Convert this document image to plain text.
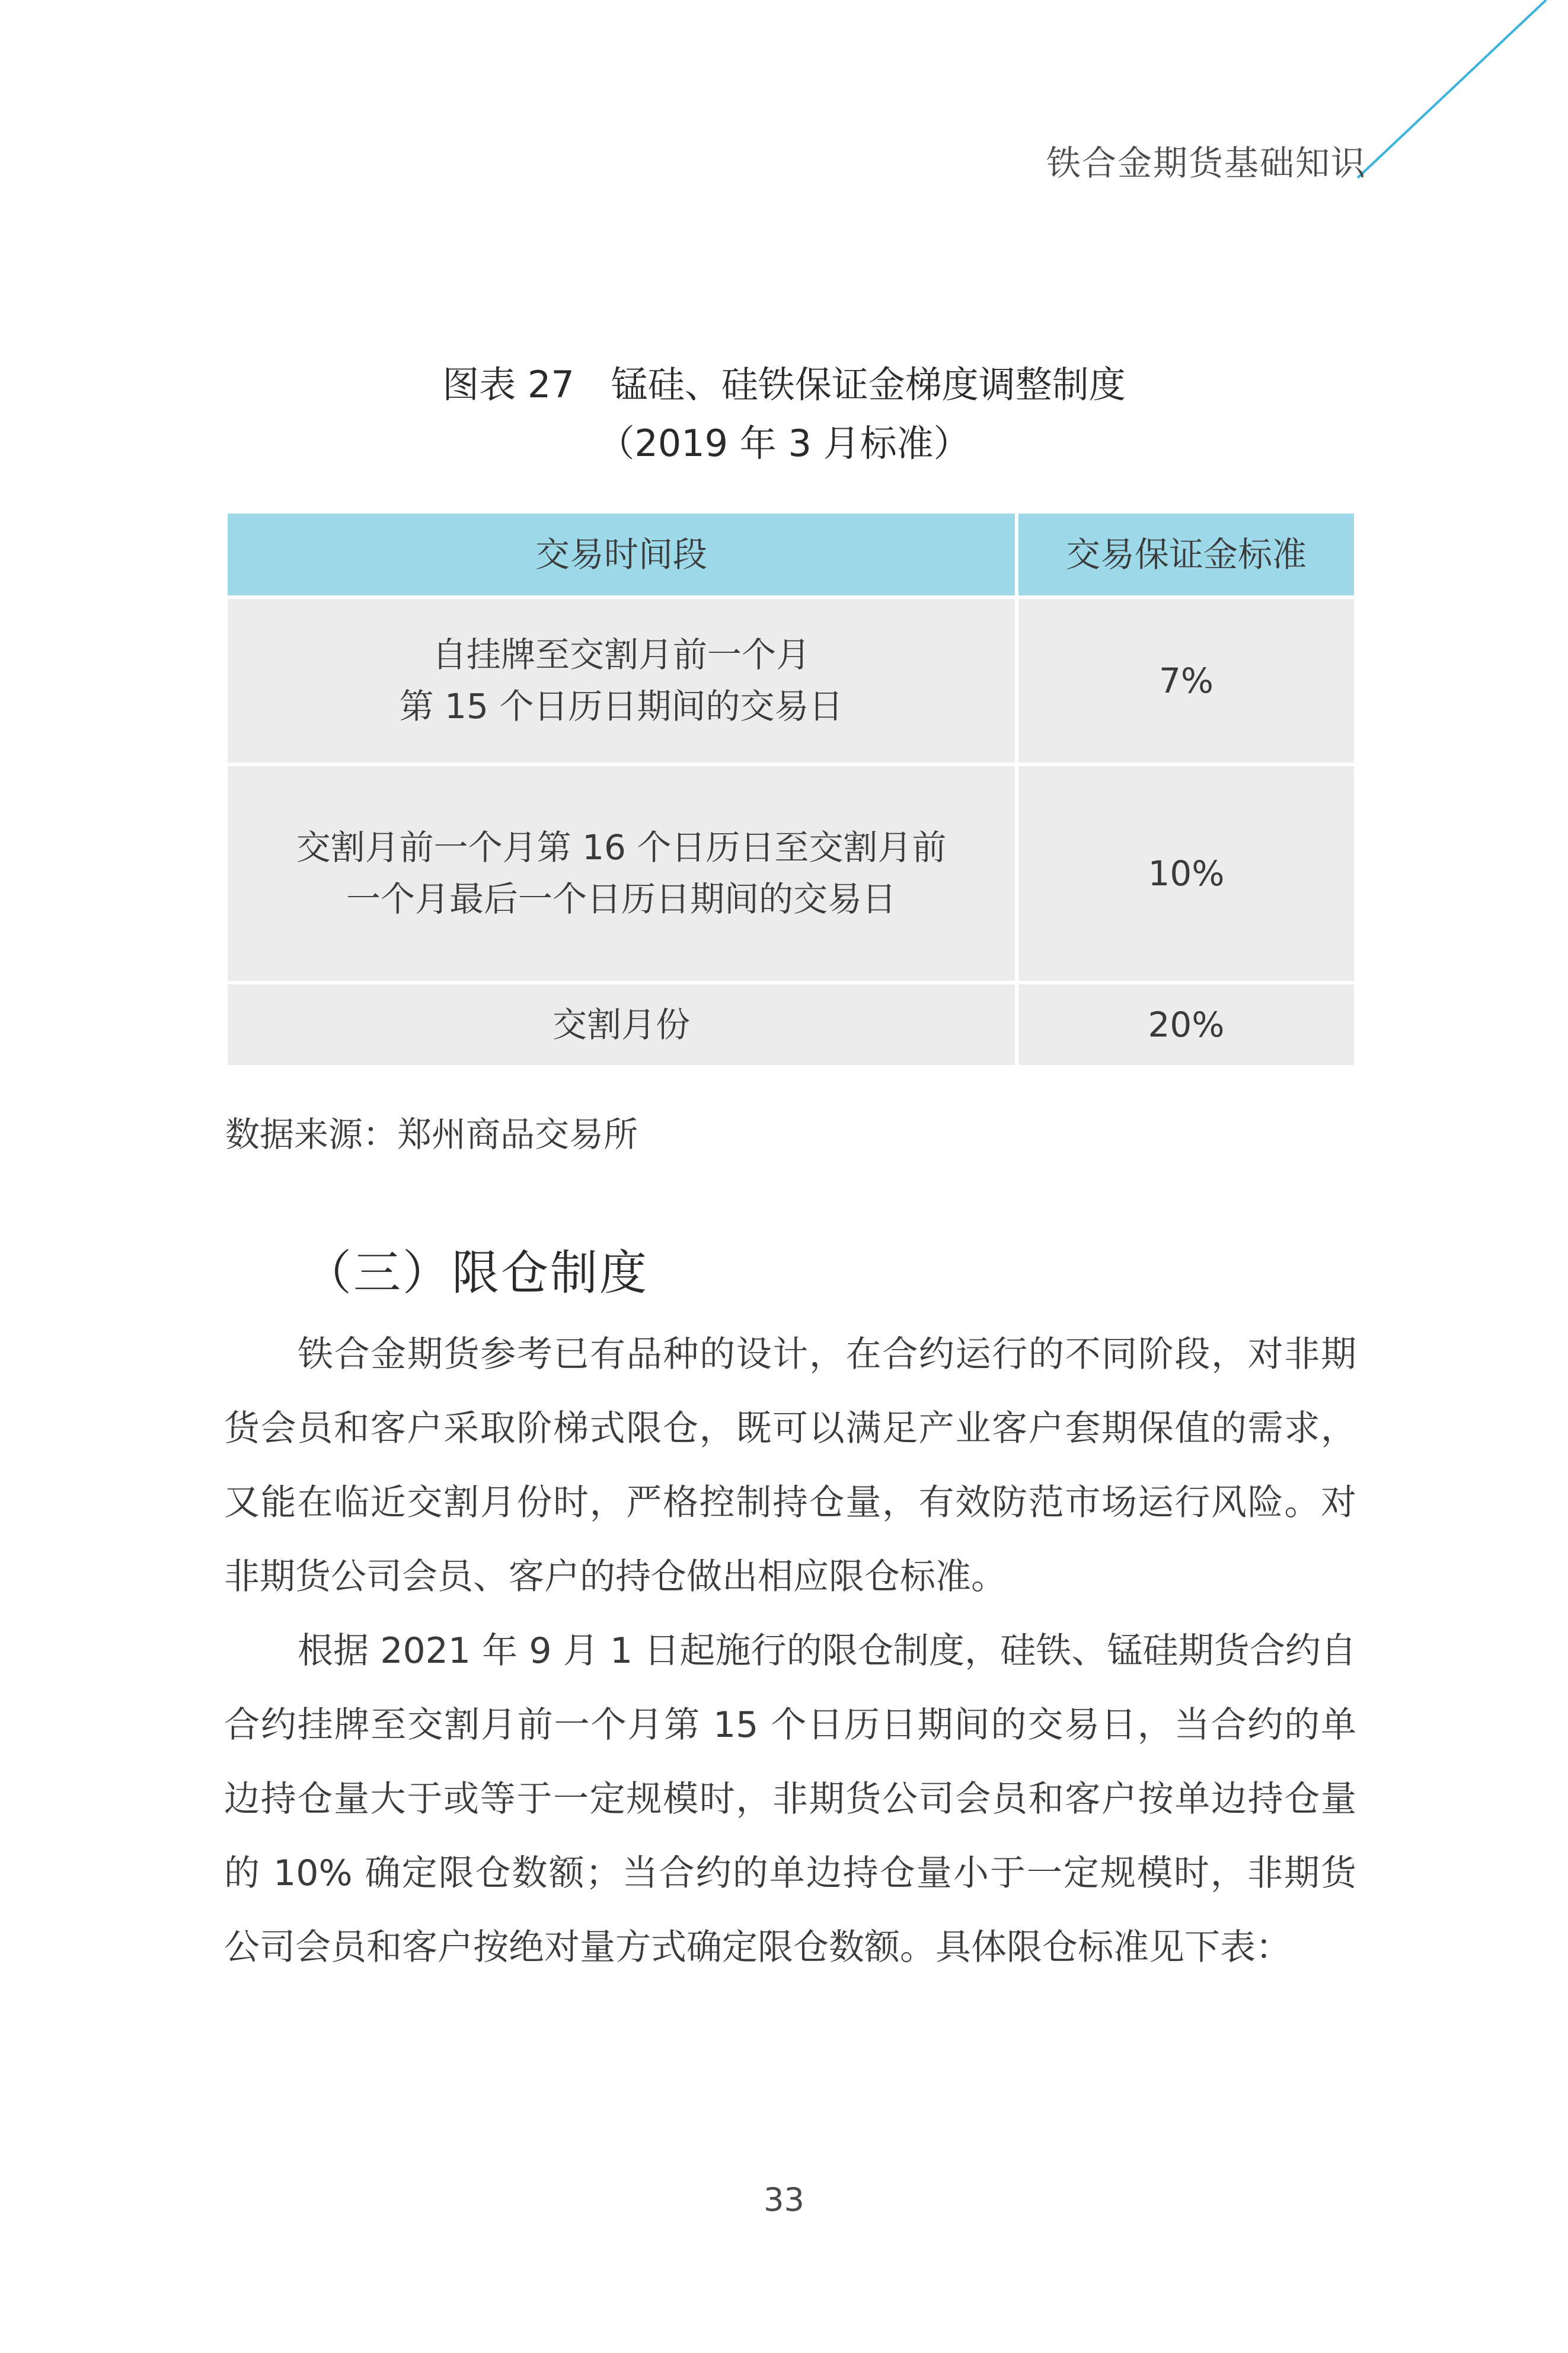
铁合金期货基础知识
图表 27　锰硅、硅铁保证金梯度调整制度
（2019 年 3 月标准）
交易时间段	交易保证金标准

自挂牌至交割月前一个月
第 15 个日历日期间的交易日	7%

交割月前一个月第 16 个日历日至交割月前
一个月最后一个日历日期间的交易日	10%
交割月份	20%
数据来源：郑州商品交易所
（三）限仓制度

铁合金期货参考已有品种的设计，在合约运行的不同阶段，对非期货会员和客户采取阶梯式限仓，既可以满足产业客户套期保值的需求，又能在临近交割月份时，严格控制持仓量，有效防范市场运行风险。对非期货公司会员、客户的持仓做出相应限仓标准。

根据 2021 年 9 月 1 日起施行的限仓制度，硅铁、锰硅期货合约自合约挂牌至交割月前一个月第 15 个日历日期间的交易日，当合约的单边持仓量大于或等于一定规模时，非期货公司会员和客户按单边持仓量的 10% 确定限仓数额；当合约的单边持仓量小于一定规模时，非期货公司会员和客户按绝对量方式确定限仓数额。具体限仓标准见下表：

33
